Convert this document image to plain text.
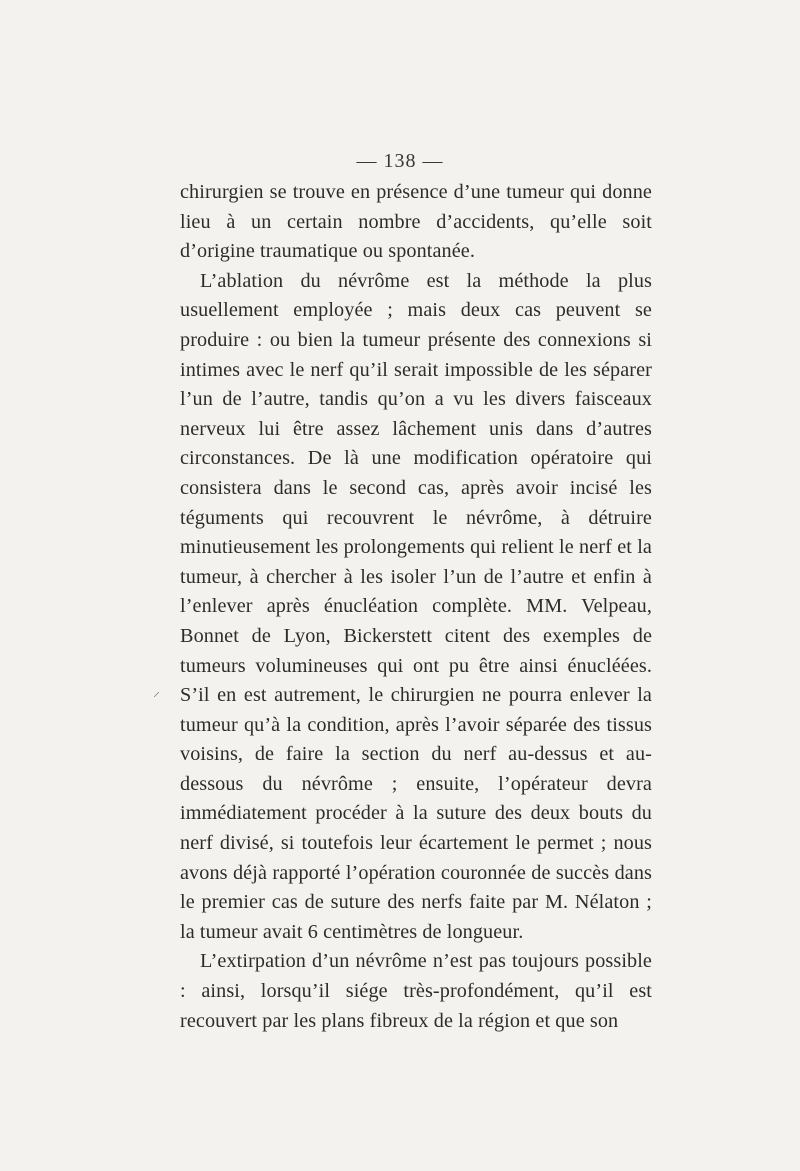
— 138 —
⸝

chirurgien se trouve en présence d’une tumeur qui donne lieu à un certain nombre d’accidents, qu’elle soit d’origine traumatique ou spontanée.

L’ablation du névrôme est la méthode la plus usuellement employée ; mais deux cas peuvent se produire : ou bien la tumeur présente des connexions si intimes avec le nerf qu’il serait impossible de les séparer l’un de l’autre, tandis qu’on a vu les divers faisceaux nerveux lui être assez lâchement unis dans d’autres circonstances. De là une modification opératoire qui consistera dans le second cas, après avoir incisé les téguments qui recouvrent le névrôme, à détruire minutieusement les prolongements qui relient le nerf et la tumeur, à chercher à les isoler l’un de l’autre et enfin à l’enlever après énucléation complète. MM. Velpeau, Bonnet de Lyon, Bickerstett citent des exemples de tumeurs volumineuses qui ont pu être ainsi énucléées. S’il en est autrement, le chirurgien ne pourra enlever la tumeur qu’à la condition, après l’avoir séparée des tissus voisins, de faire la section du nerf au-dessus et au-dessous du névrôme ; ensuite, l’opérateur devra immédiatement procéder à la suture des deux bouts du nerf divisé, si toutefois leur écartement le permet ; nous avons déjà rapporté l’opération couronnée de succès dans le premier cas de suture des nerfs faite par M. Nélaton ; la tumeur avait 6 centimètres de longueur.

L’extirpation d’un névrôme n’est pas toujours possible : ainsi, lorsqu’il siége très-profondément, qu’il est recouvert par les plans fibreux de la région et que son
